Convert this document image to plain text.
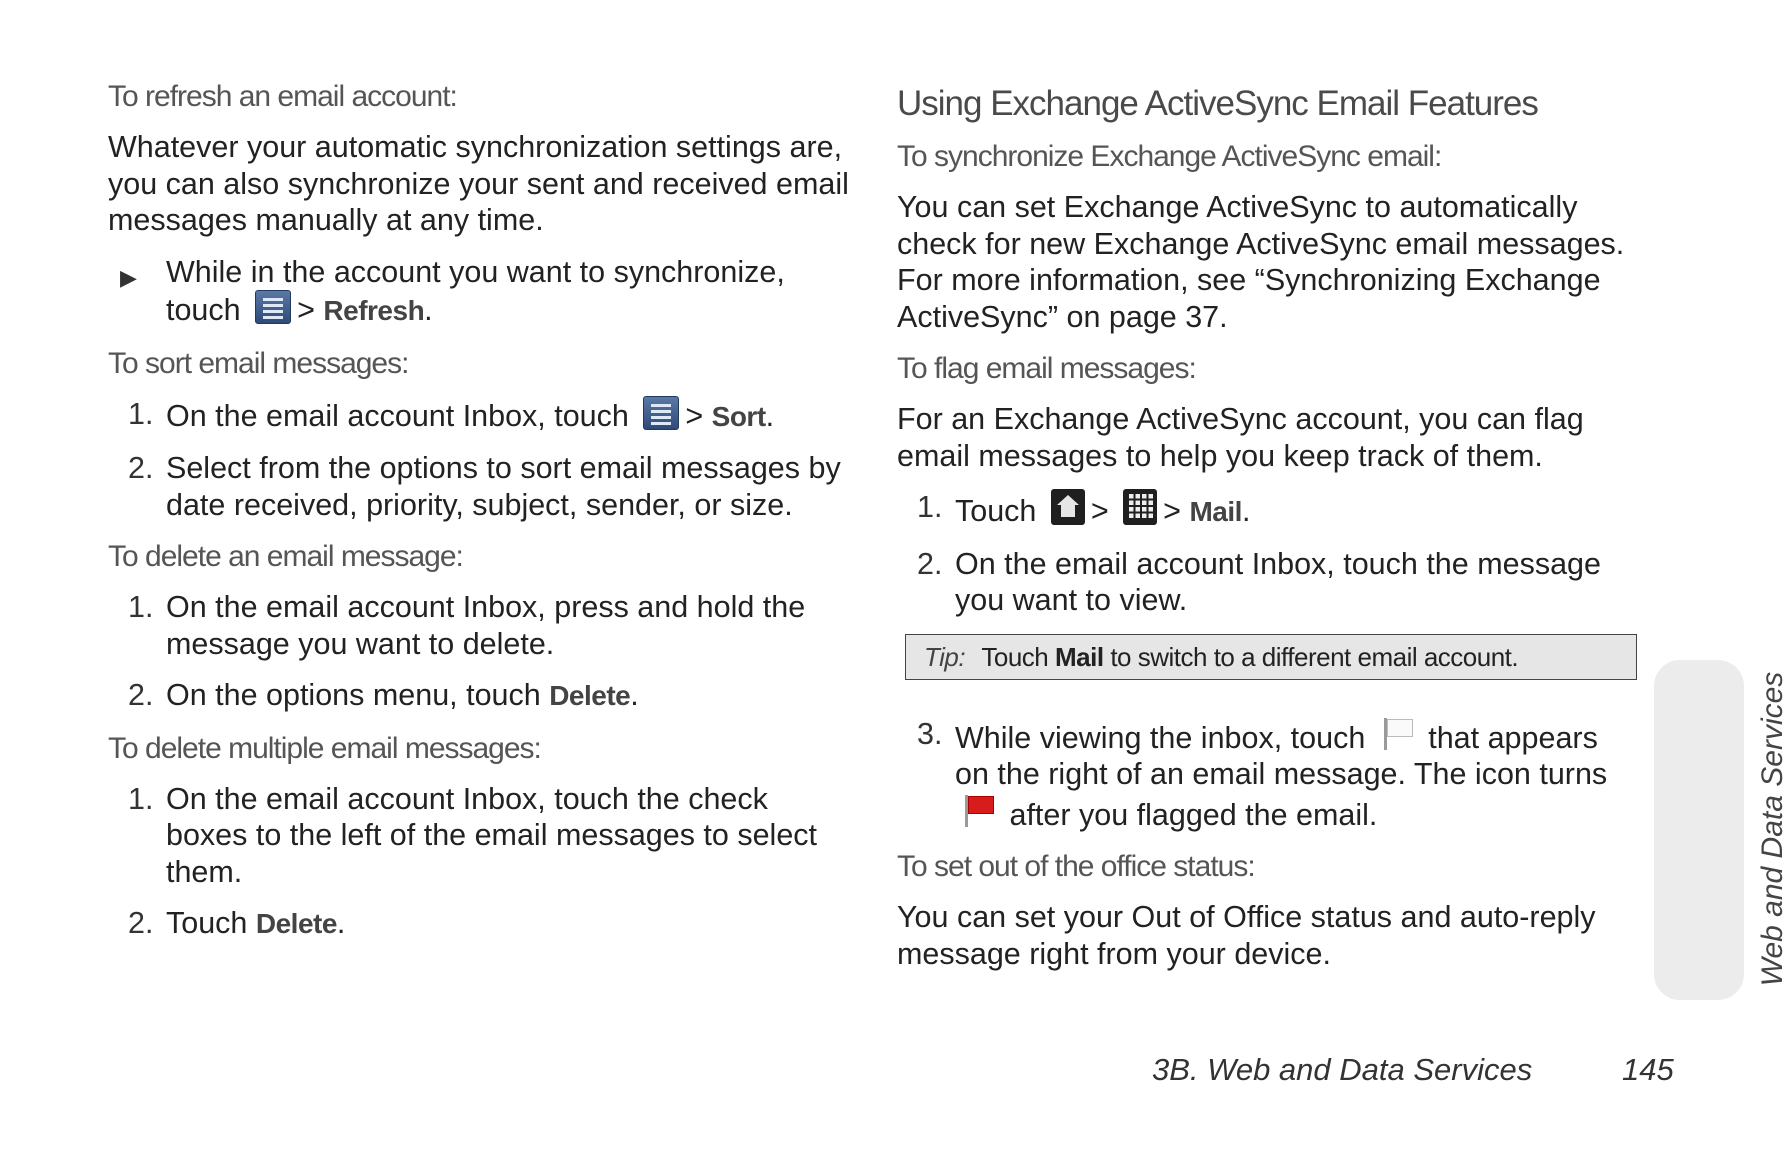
To refresh an email account:
Whatever your automatic synchronization settings are, you can also synchronize your sent and received email messages manually at any time.
▶ While in the account you want to synchronize, touch > Refresh.
To sort email messages:
1. On the email account Inbox, touch > Sort.
2. Select from the options to sort email messages by date received, priority, subject, sender, or size.
To delete an email message:
1. On the email account Inbox, press and hold the message you want to delete.
2. On the options menu, touch Delete.
To delete multiple email messages:
1. On the email account Inbox, touch the check boxes to the left of the email messages to select them.
2. Touch Delete.
Using Exchange ActiveSync Email Features
To synchronize Exchange ActiveSync email:
You can set Exchange ActiveSync to automatically check for new Exchange ActiveSync email messages. For more information, see “Synchronizing Exchange ActiveSync” on page 37.
To flag email messages:
For an Exchange ActiveSync account, you can flag email messages to help you keep track of them.
1. Touch > > Mail.
2. On the email account Inbox, touch the message you want to view.
Tip: Touch Mail to switch to a different email account.
3. While viewing the inbox, touch that appears on the right of an email message. The icon turns
after you flagged the email.
To set out of the office status:
You can set your Out of Office status and auto-reply message right from your device.	Web and Data Services
3B. Web and Data Services	145
